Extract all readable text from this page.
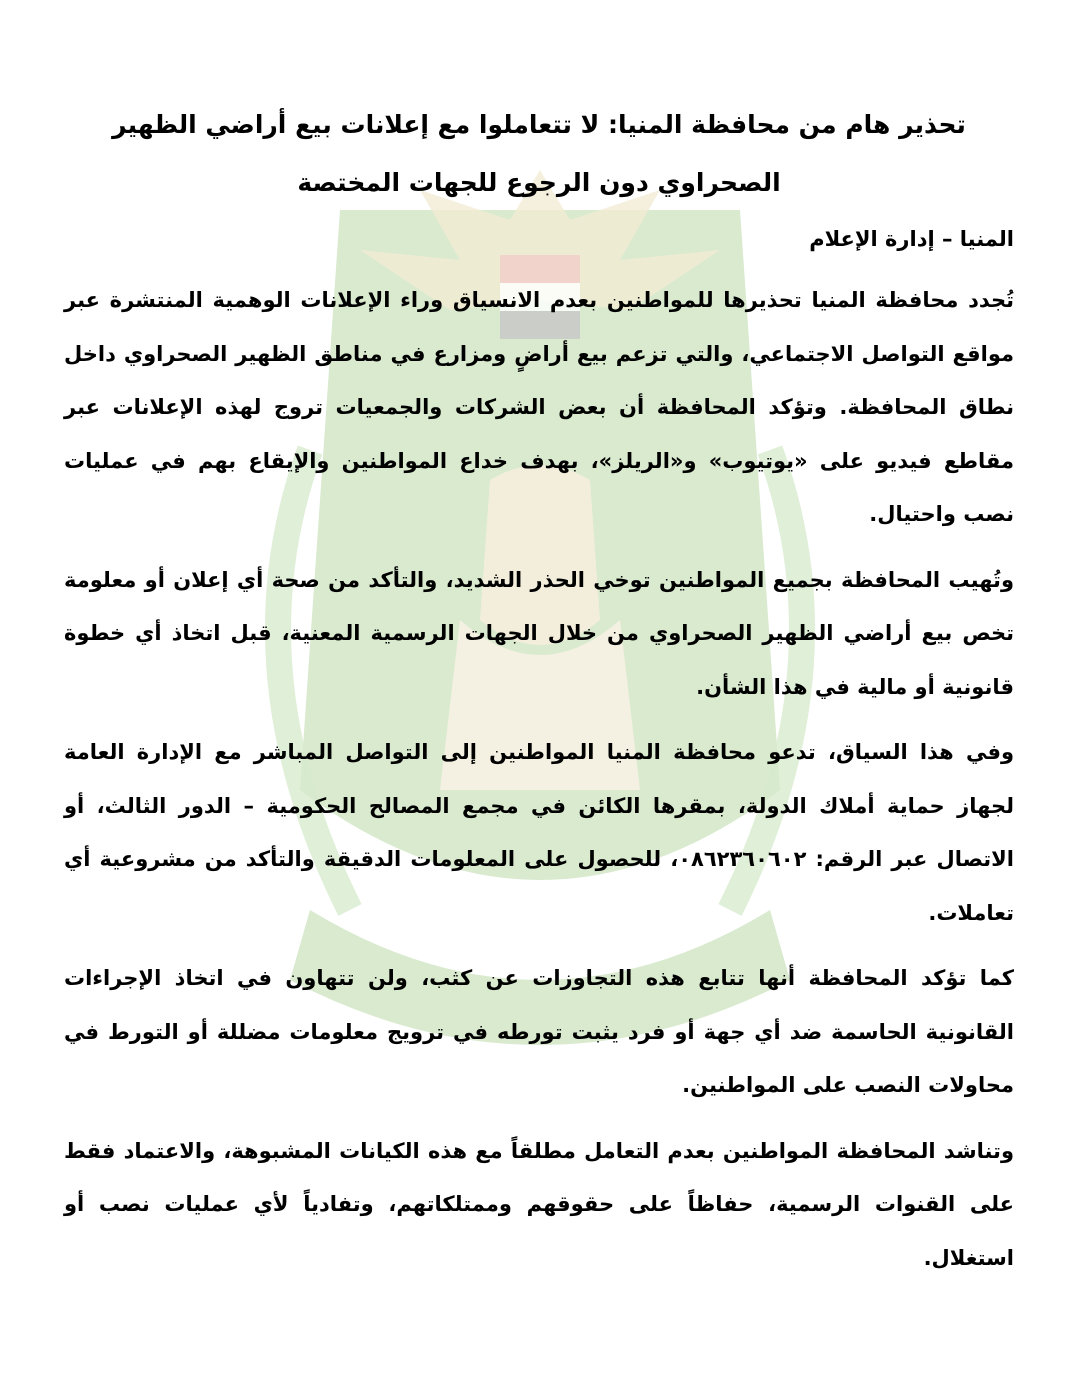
تحذير هام من محافظة المنيا: لا تتعاملوا مع إعلانات بيع أراضي الظهير الصحراوي دون الرجوع للجهات المختصة
المنيا – إدارة الإعلام

تُجدد محافظة المنيا تحذيرها للمواطنين بعدم الانسياق وراء الإعلانات الوهمية المنتشرة عبر مواقع التواصل الاجتماعي، والتي تزعم بيع أراضٍ ومزارع في مناطق الظهير الصحراوي داخل نطاق المحافظة. وتؤكد المحافظة أن بعض الشركات والجمعيات تروج لهذه الإعلانات عبر مقاطع فيديو على «يوتيوب» و«الريلز»، بهدف خداع المواطنين والإيقاع بهم في عمليات نصب واحتيال.

وتُهيب المحافظة بجميع المواطنين توخي الحذر الشديد، والتأكد من صحة أي إعلان أو معلومة تخص بيع أراضي الظهير الصحراوي من خلال الجهات الرسمية المعنية، قبل اتخاذ أي خطوة قانونية أو مالية في هذا الشأن.

وفي هذا السياق، تدعو محافظة المنيا المواطنين إلى التواصل المباشر مع الإدارة العامة لجهاز حماية أملاك الدولة، بمقرها الكائن في مجمع المصالح الحكومية – الدور الثالث، أو الاتصال عبر الرقم: ٠٨٦٢٣٦٠٦٠٢، للحصول على المعلومات الدقيقة والتأكد من مشروعية أي تعاملات.

كما تؤكد المحافظة أنها تتابع هذه التجاوزات عن كثب، ولن تتهاون في اتخاذ الإجراءات القانونية الحاسمة ضد أي جهة أو فرد يثبت تورطه في ترويج معلومات مضللة أو التورط في محاولات النصب على المواطنين.

وتناشد المحافظة المواطنين بعدم التعامل مطلقاً مع هذه الكيانات المشبوهة، والاعتماد فقط على القنوات الرسمية، حفاظاً على حقوقهم وممتلكاتهم، وتفادياً لأي عمليات نصب أو استغلال.
